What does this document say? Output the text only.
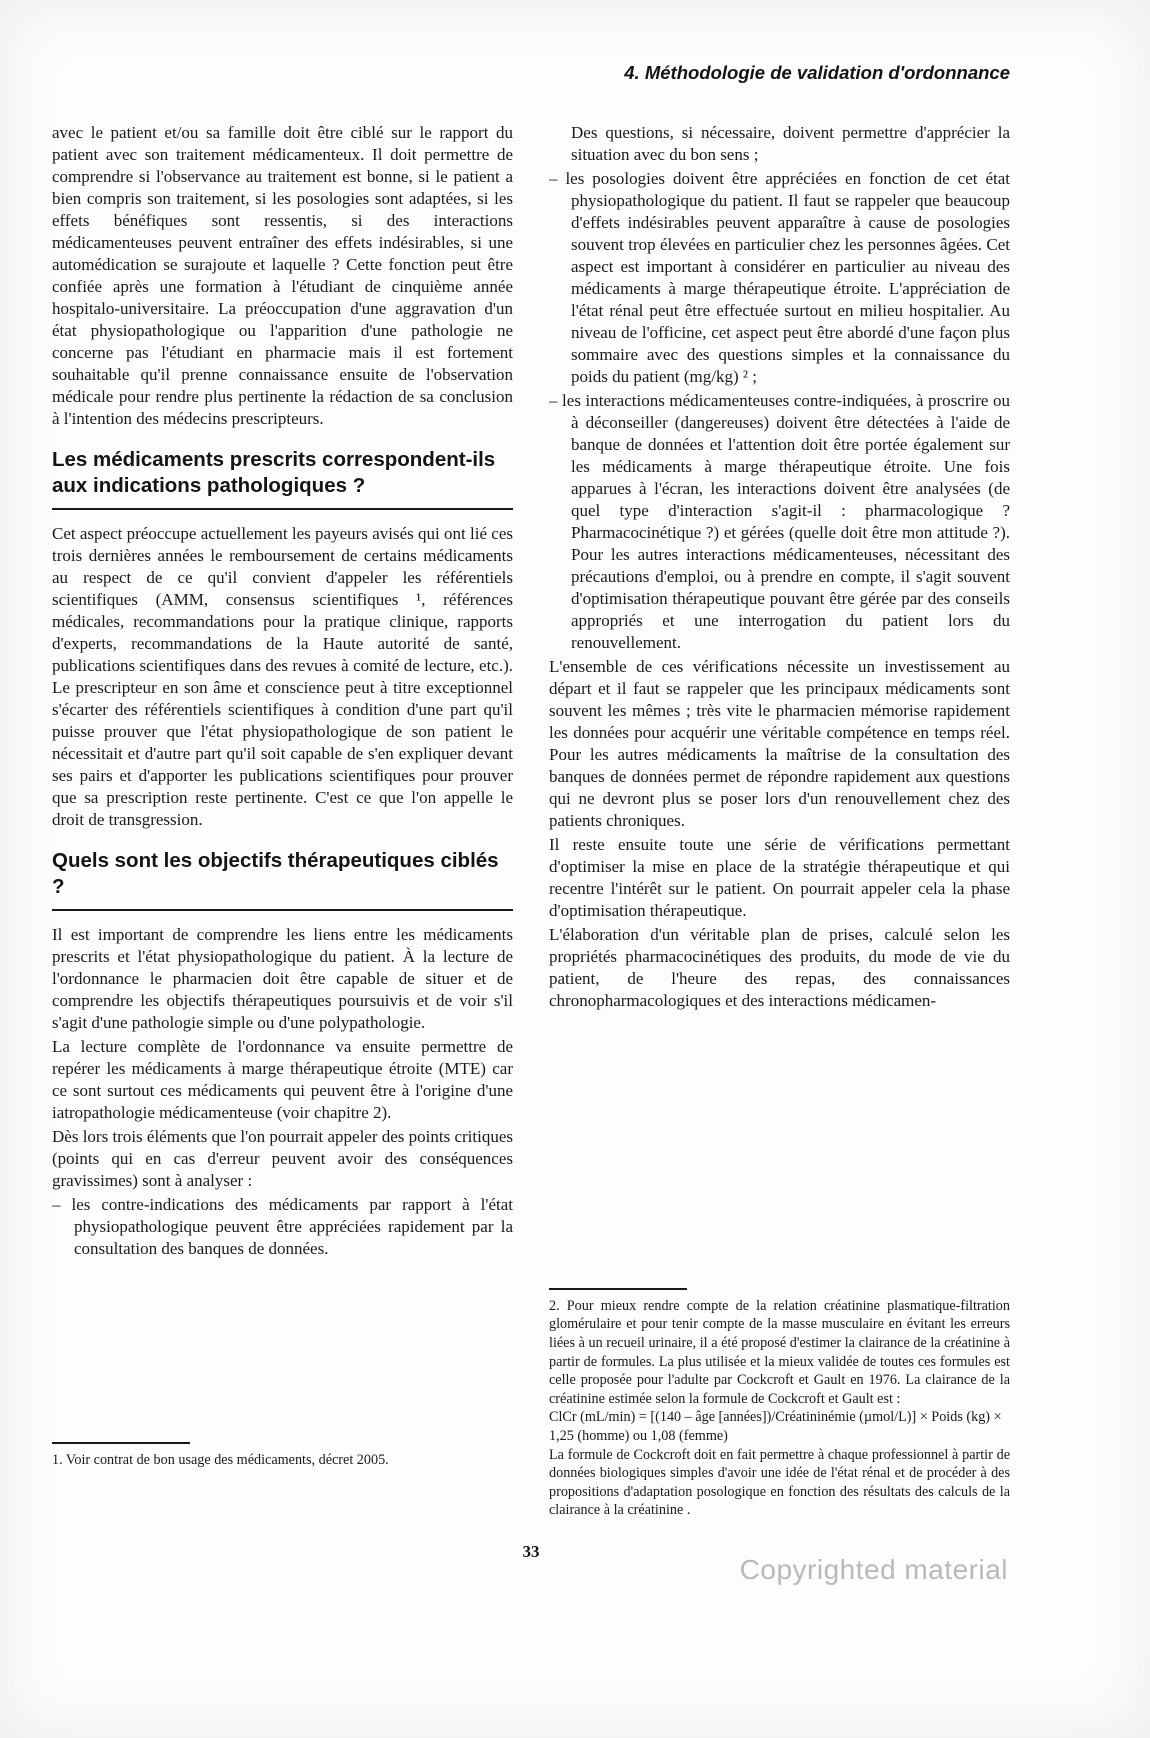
4. Méthodologie de validation d'ordonnance

avec le patient et/ou sa famille doit être ciblé sur le rapport du patient avec son traitement médicamenteux. Il doit permettre de comprendre si l'observance au traitement est bonne, si le patient a bien compris son traitement, si les posologies sont adaptées, si les effets bénéfiques sont ressentis, si des interactions médicamenteuses peuvent entraîner des effets indésirables, si une automédication se surajoute et laquelle ? Cette fonction peut être confiée après une formation à l'étudiant de cinquième année hospitalo-universitaire. La préoccupation d'une aggravation d'un état physiopathologique ou l'apparition d'une pathologie ne concerne pas l'étudiant en pharmacie mais il est fortement souhaitable qu'il prenne connaissance ensuite de l'observation médicale pour rendre plus pertinente la rédaction de sa conclusion à l'intention des médecins prescripteurs.

Les médicaments prescrits correspondent-ils aux indications pathologiques ?

Cet aspect préoccupe actuellement les payeurs avisés qui ont lié ces trois dernières années le remboursement de certains médicaments au respect de ce qu'il convient d'appeler les référentiels scientifiques (AMM, consensus scientifiques ¹, références médicales, recommandations pour la pratique clinique, rapports d'experts, recommandations de la Haute autorité de santé, publications scientifiques dans des revues à comité de lecture, etc.). Le prescripteur en son âme et conscience peut à titre exceptionnel s'écarter des référentiels scientifiques à condition d'une part qu'il puisse prouver que l'état physiopathologique de son patient le nécessitait et d'autre part qu'il soit capable de s'en expliquer devant ses pairs et d'apporter les publications scientifiques pour prouver que sa prescription reste pertinente. C'est ce que l'on appelle le droit de transgression.

Quels sont les objectifs thérapeutiques ciblés ?

Il est important de comprendre les liens entre les médicaments prescrits et l'état physiopathologique du patient. À la lecture de l'ordonnance le pharmacien doit être capable de situer et de comprendre les objectifs thérapeutiques poursuivis et de voir s'il s'agit d'une pathologie simple ou d'une polypathologie.

La lecture complète de l'ordonnance va ensuite permettre de repérer les médicaments à marge thérapeutique étroite (MTE) car ce sont surtout ces médicaments qui peuvent être à l'origine d'une iatropathologie médicamenteuse (voir chapitre 2).

Dès lors trois éléments que l'on pourrait appeler des points critiques (points qui en cas d'erreur peuvent avoir des conséquences gravissimes) sont à analyser :

– les contre-indications des médicaments par rapport à l'état physiopathologique peuvent être appréciées rapidement par la consultation des banques de données.

1. Voir contrat de bon usage des médicaments, décret 2005.

Des questions, si nécessaire, doivent permettre d'apprécier la situation avec du bon sens ;

– les posologies doivent être appréciées en fonction de cet état physiopathologique du patient. Il faut se rappeler que beaucoup d'effets indésirables peuvent apparaître à cause de posologies souvent trop élevées en particulier chez les personnes âgées. Cet aspect est important à considérer en particulier au niveau des médicaments à marge thérapeutique étroite. L'appréciation de l'état rénal peut être effectuée surtout en milieu hospitalier. Au niveau de l'officine, cet aspect peut être abordé d'une façon plus sommaire avec des questions simples et la connaissance du poids du patient (mg/kg) ² ;

– les interactions médicamenteuses contre-indiquées, à proscrire ou à déconseiller (dangereuses) doivent être détectées à l'aide de banque de données et l'attention doit être portée également sur les médicaments à marge thérapeutique étroite. Une fois apparues à l'écran, les interactions doivent être analysées (de quel type d'interaction s'agit-il : pharmacologique ? Pharmacocinétique ?) et gérées (quelle doit être mon attitude ?). Pour les autres interactions médicamenteuses, nécessitant des précautions d'emploi, ou à prendre en compte, il s'agit souvent d'optimisation thérapeutique pouvant être gérée par des conseils appropriés et une interrogation du patient lors du renouvellement.

L'ensemble de ces vérifications nécessite un investissement au départ et il faut se rappeler que les principaux médicaments sont souvent les mêmes ; très vite le pharmacien mémorise rapidement les données pour acquérir une véritable compétence en temps réel. Pour les autres médicaments la maîtrise de la consultation des banques de données permet de répondre rapidement aux questions qui ne devront plus se poser lors d'un renouvellement chez des patients chroniques.

Il reste ensuite toute une série de vérifications permettant d'optimiser la mise en place de la stratégie thérapeutique et qui recentre l'intérêt sur le patient. On pourrait appeler cela la phase d'optimisation thérapeutique.

L'élaboration d'un véritable plan de prises, calculé selon les propriétés pharmacocinétiques des produits, du mode de vie du patient, de l'heure des repas, des connaissances chronopharmacologiques et des interactions médicamen-

2. Pour mieux rendre compte de la relation créatinine plasmatique-filtration glomérulaire et pour tenir compte de la masse musculaire en évitant les erreurs liées à un recueil urinaire, il a été proposé d'estimer la clairance de la créatinine à partir de formules. La plus utilisée et la mieux validée de toutes ces formules est celle proposée pour l'adulte par Cockcroft et Gault en 1976. La clairance de la créatinine estimée selon la formule de Cockcroft et Gault est :

ClCr (mL/min) = [(140 – âge [années])/Créatininémie (µmol/L)] × Poids (kg) × 1,25 (homme) ou 1,08 (femme)

La formule de Cockcroft doit en fait permettre à chaque professionnel à partir de données biologiques simples d'avoir une idée de l'état rénal et de procéder à des propositions d'adaptation posologique en fonction des résultats des calculs de la clairance à la créatinine .

33
Copyrighted material
